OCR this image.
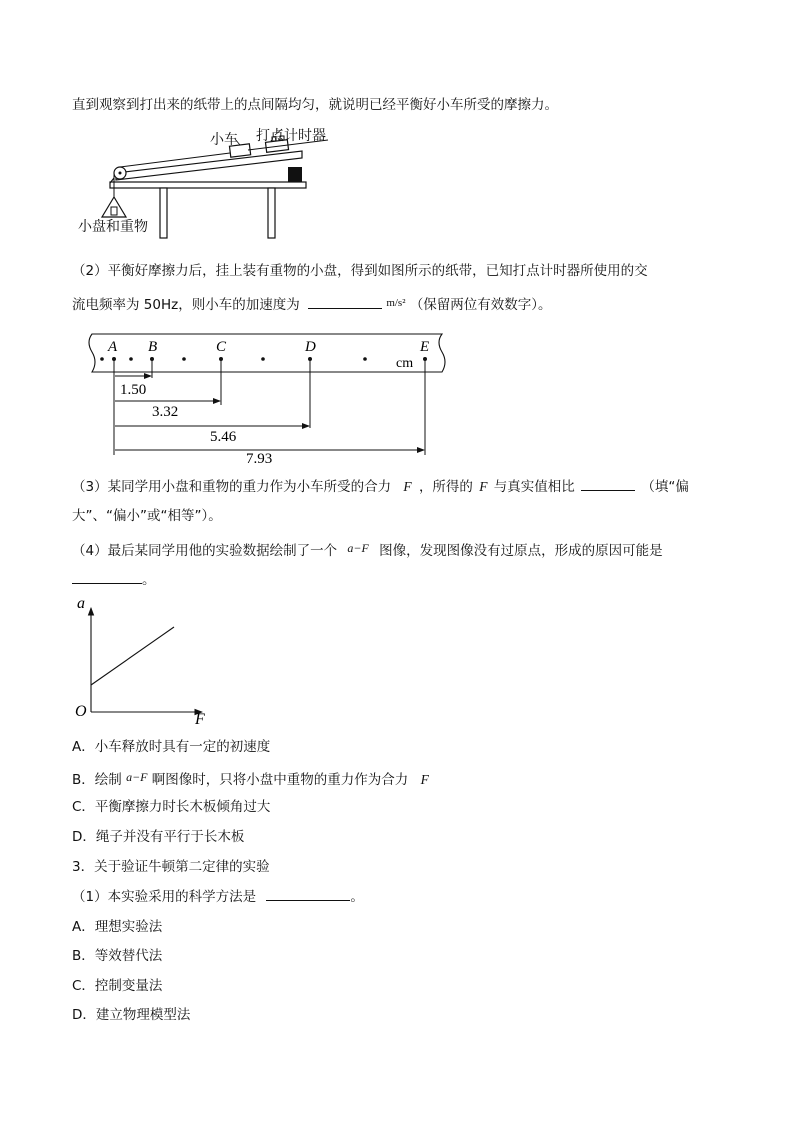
直到观察到打出来的纸带上的点间隔均匀，就说明已经平衡好小车所受的摩擦力。
小车 打点计时器
小盘和重物
（2）平衡好摩擦力后，挂上装有重物的小盘，得到如图所示的纸带，已知打点计时器所使用的交
流电频率为 50Hz，则小车的加速度为	$^{m/s^2}$ （保留两位有效数字）。
A B	C	D	E
cm
1.50
3.32
5.46
7.93
（3）某同学用小盘和重物的重力作为小车所受的合力 F ，所得的 F 与真实值相比	（填“偏
大”、“偏小”或“相等”）。
（4）最后某同学用他的实验数据绘制了一个 a−F 图像，发现图像没有过原点，形成的原因可能是
。
a
F
O
A．小车释放时具有一定的初速度
B．绘制 a−F 啊图像时，只将小盘中重物的重力作为合力 F
C．平衡摩擦力时长木板倾角过大
D．绳子并没有平行于长木板
3．关于验证牛顿第二定律的实验
（1）本实验采用的科学方法是	。
A．理想实验法
B．等效替代法
C．控制变量法
D．建立物理模型法
